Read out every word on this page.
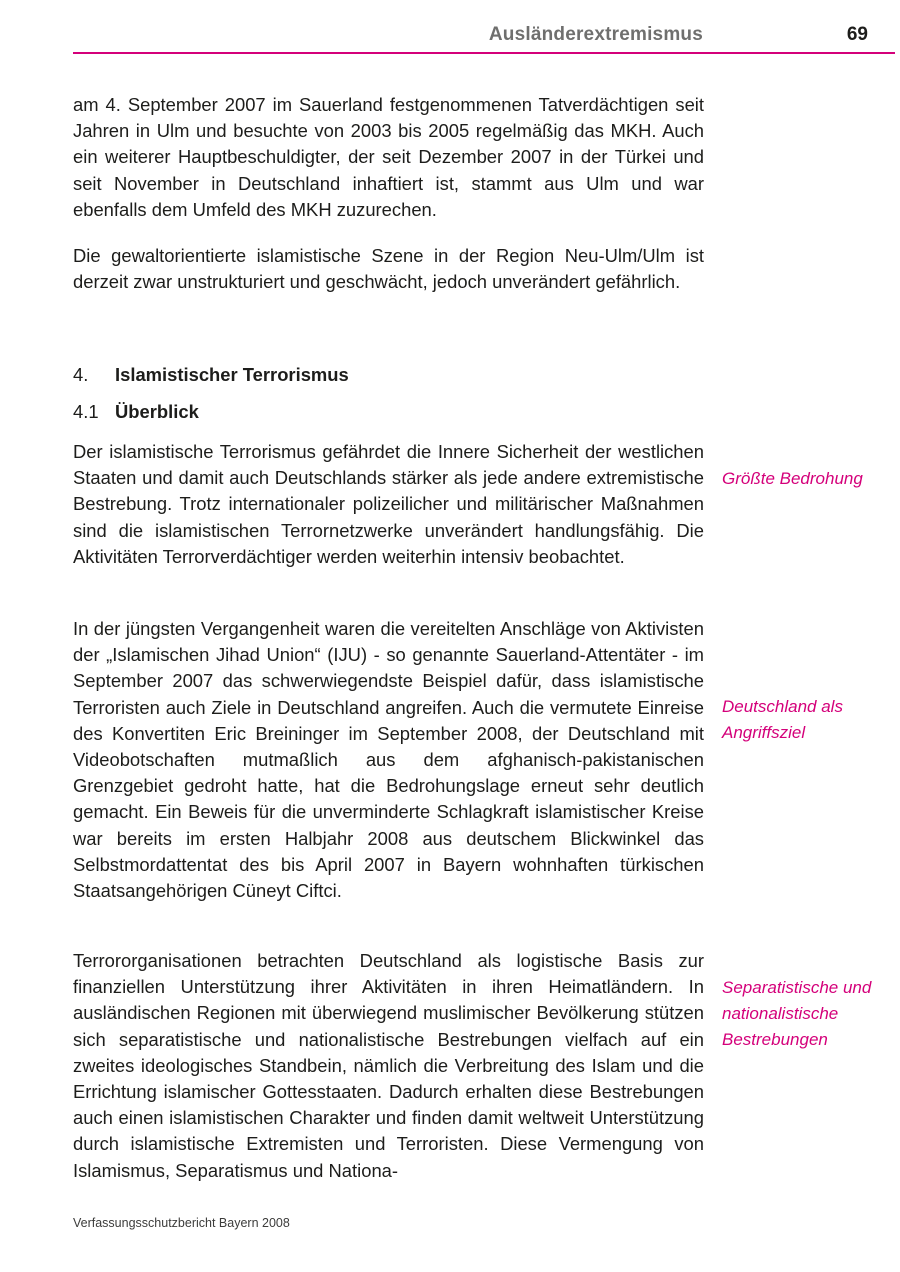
Ausländerextremismus	69

am 4. September 2007 im Sauerland festgenommenen Tatverdächtigen seit Jahren in Ulm und besuchte von 2003 bis 2005 regelmäßig das MKH. Auch ein weiterer Hauptbeschuldigter, der seit Dezember 2007 in der Türkei und seit November in Deutschland inhaftiert ist, stammt aus Ulm und war ebenfalls dem Umfeld des MKH zuzurechen.

Die gewaltorientierte islamistische Szene in der Region Neu-Ulm/Ulm ist derzeit zwar unstrukturiert und geschwächt, jedoch unverändert gefährlich.

4. Islamistischer Terrorismus
4.1 Überblick

Der islamistische Terrorismus gefährdet die Innere Sicherheit der westlichen Staaten und damit auch Deutschlands stärker als jede andere extremistische Bestrebung. Trotz internationaler polizeilicher und militärischer Maßnahmen sind die islamistischen Terrornetzwerke unverändert handlungsfähig. Die Aktivitäten Terrorverdächtiger werden weiterhin intensiv beobachtet.

Größte Bedrohung

In der jüngsten Vergangenheit waren die vereitelten Anschläge von Aktivisten der „Islamischen Jihad Union“ (IJU) - so genannte Sauerland-Attentäter - im September 2007 das schwerwiegendste Beispiel dafür, dass islamistische Terroristen auch Ziele in Deutschland angreifen. Auch die vermutete Einreise des Konvertiten Eric Breininger im September 2008, der Deutschland mit Videobotschaften mutmaßlich aus dem afghanisch-pakistanischen Grenzgebiet gedroht hatte, hat die Bedrohungslage erneut sehr deutlich gemacht. Ein Beweis für die unverminderte Schlagkraft islamistischer Kreise war bereits im ersten Halbjahr 2008 aus deutschem Blickwinkel das Selbstmordattentat des bis April 2007 in Bayern wohnhaften türkischen Staatsangehörigen Cüneyt Ciftci.

Deutschland als Angriffsziel

Terrororganisationen betrachten Deutschland als logistische Basis zur finanziellen Unterstützung ihrer Aktivitäten in ihren Heimatländern. In ausländischen Regionen mit überwiegend muslimischer Bevölkerung stützen sich separatistische und nationalistische Bestrebungen vielfach auf ein zweites ideologisches Standbein, nämlich die Verbreitung des Islam und die Errichtung islamischer Gottesstaaten. Dadurch erhalten diese Bestrebungen auch einen islamistischen Charakter und finden damit weltweit Unterstützung durch islamistische Extremisten und Terroristen. Diese Vermengung von Islamismus, Separatismus und Nationa-

Separatistische und nationalistische Bestrebungen

Verfassungsschutzbericht Bayern 2008
